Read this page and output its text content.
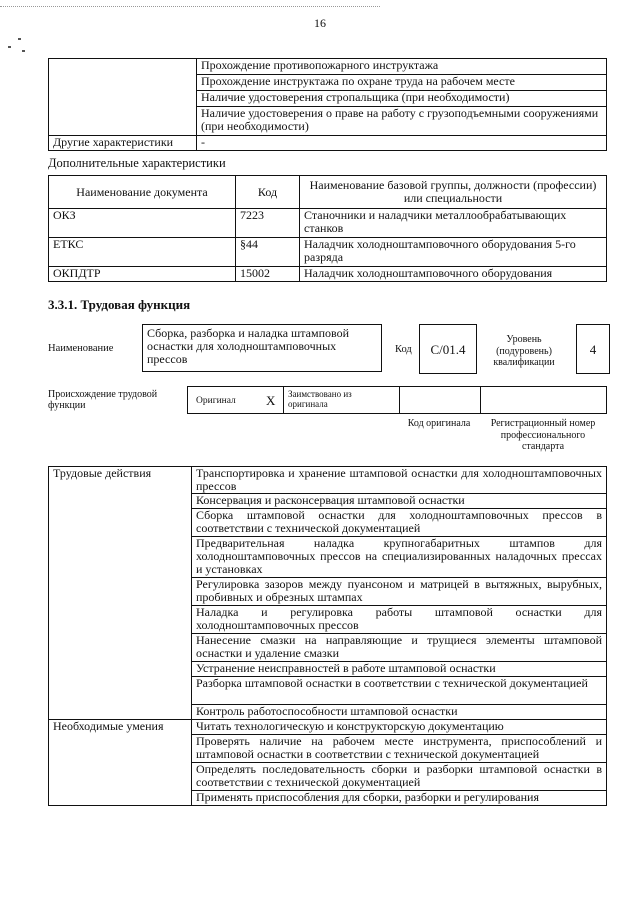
16
	Прохождение противопожарного инструктажа
	Прохождение инструктажа по охране труда на рабочем месте
	Наличие удостоверения стропальщика (при необходимости)
	Наличие удостоверения о праве на работу с грузоподъемными сооружениями (при необходимости)
Другие характеристики	-
Дополнительные характеристики
Наименование документа	Код	Наименование базовой группы, должности (профессии) или специальности
ОКЗ	7223	Станочники и наладчики металлообрабатывающих станков
ЕТКС	§44	Наладчик холодноштамповочного оборудования 5-го разряда
ОКПДТР	15002	Наладчик холодноштамповочного оборудования
3.3.1. Трудовая функция
Наименование
Сборка, разборка и наладка штамповой оснастки для холодноштамповочных прессов
Код	C/01.4
Уровень (подуровень) квалификации
4
Происхождение трудовой функции	Оригинал X Заимствовано из оригинала
Код оригинала	Регистрационный номер профессионального стандарта
Трудовые действия	Транспортировка и хранение штамповой оснастки для холодноштамповочных прессов
	Консервация и расконсервация штамповой оснастки
	Сборка штамповой оснастки для холодноштамповочных прессов в соответствии с технической документацией
	Предварительная наладка крупногабаритных штампов для холодноштамповочных прессов на специализированных наладочных прессах и установках
	Регулировка зазоров между пуансоном и матрицей в вытяжных, вырубных, пробивных и обрезных штампах
	Наладка и регулировка работы штамповой оснастки для холодноштамповочных прессов
	Нанесение смазки на направляющие и трущиеся элементы штамповой оснастки и удаление смазки
	Устранение неисправностей в работе штамповой оснастки
	Разборка штамповой оснастки в соответствии с технической документацией
	Контроль работоспособности штамповой оснастки
Необходимые умения	Читать технологическую и конструкторскую документацию
	Проверять наличие на рабочем месте инструмента, приспособлений и штамповой оснастки в соответствии с технической документацией
	Определять последовательность сборки и разборки штамповой оснастки в соответствии с технической документацией
	Применять приспособления для сборки, разборки и регулирования
